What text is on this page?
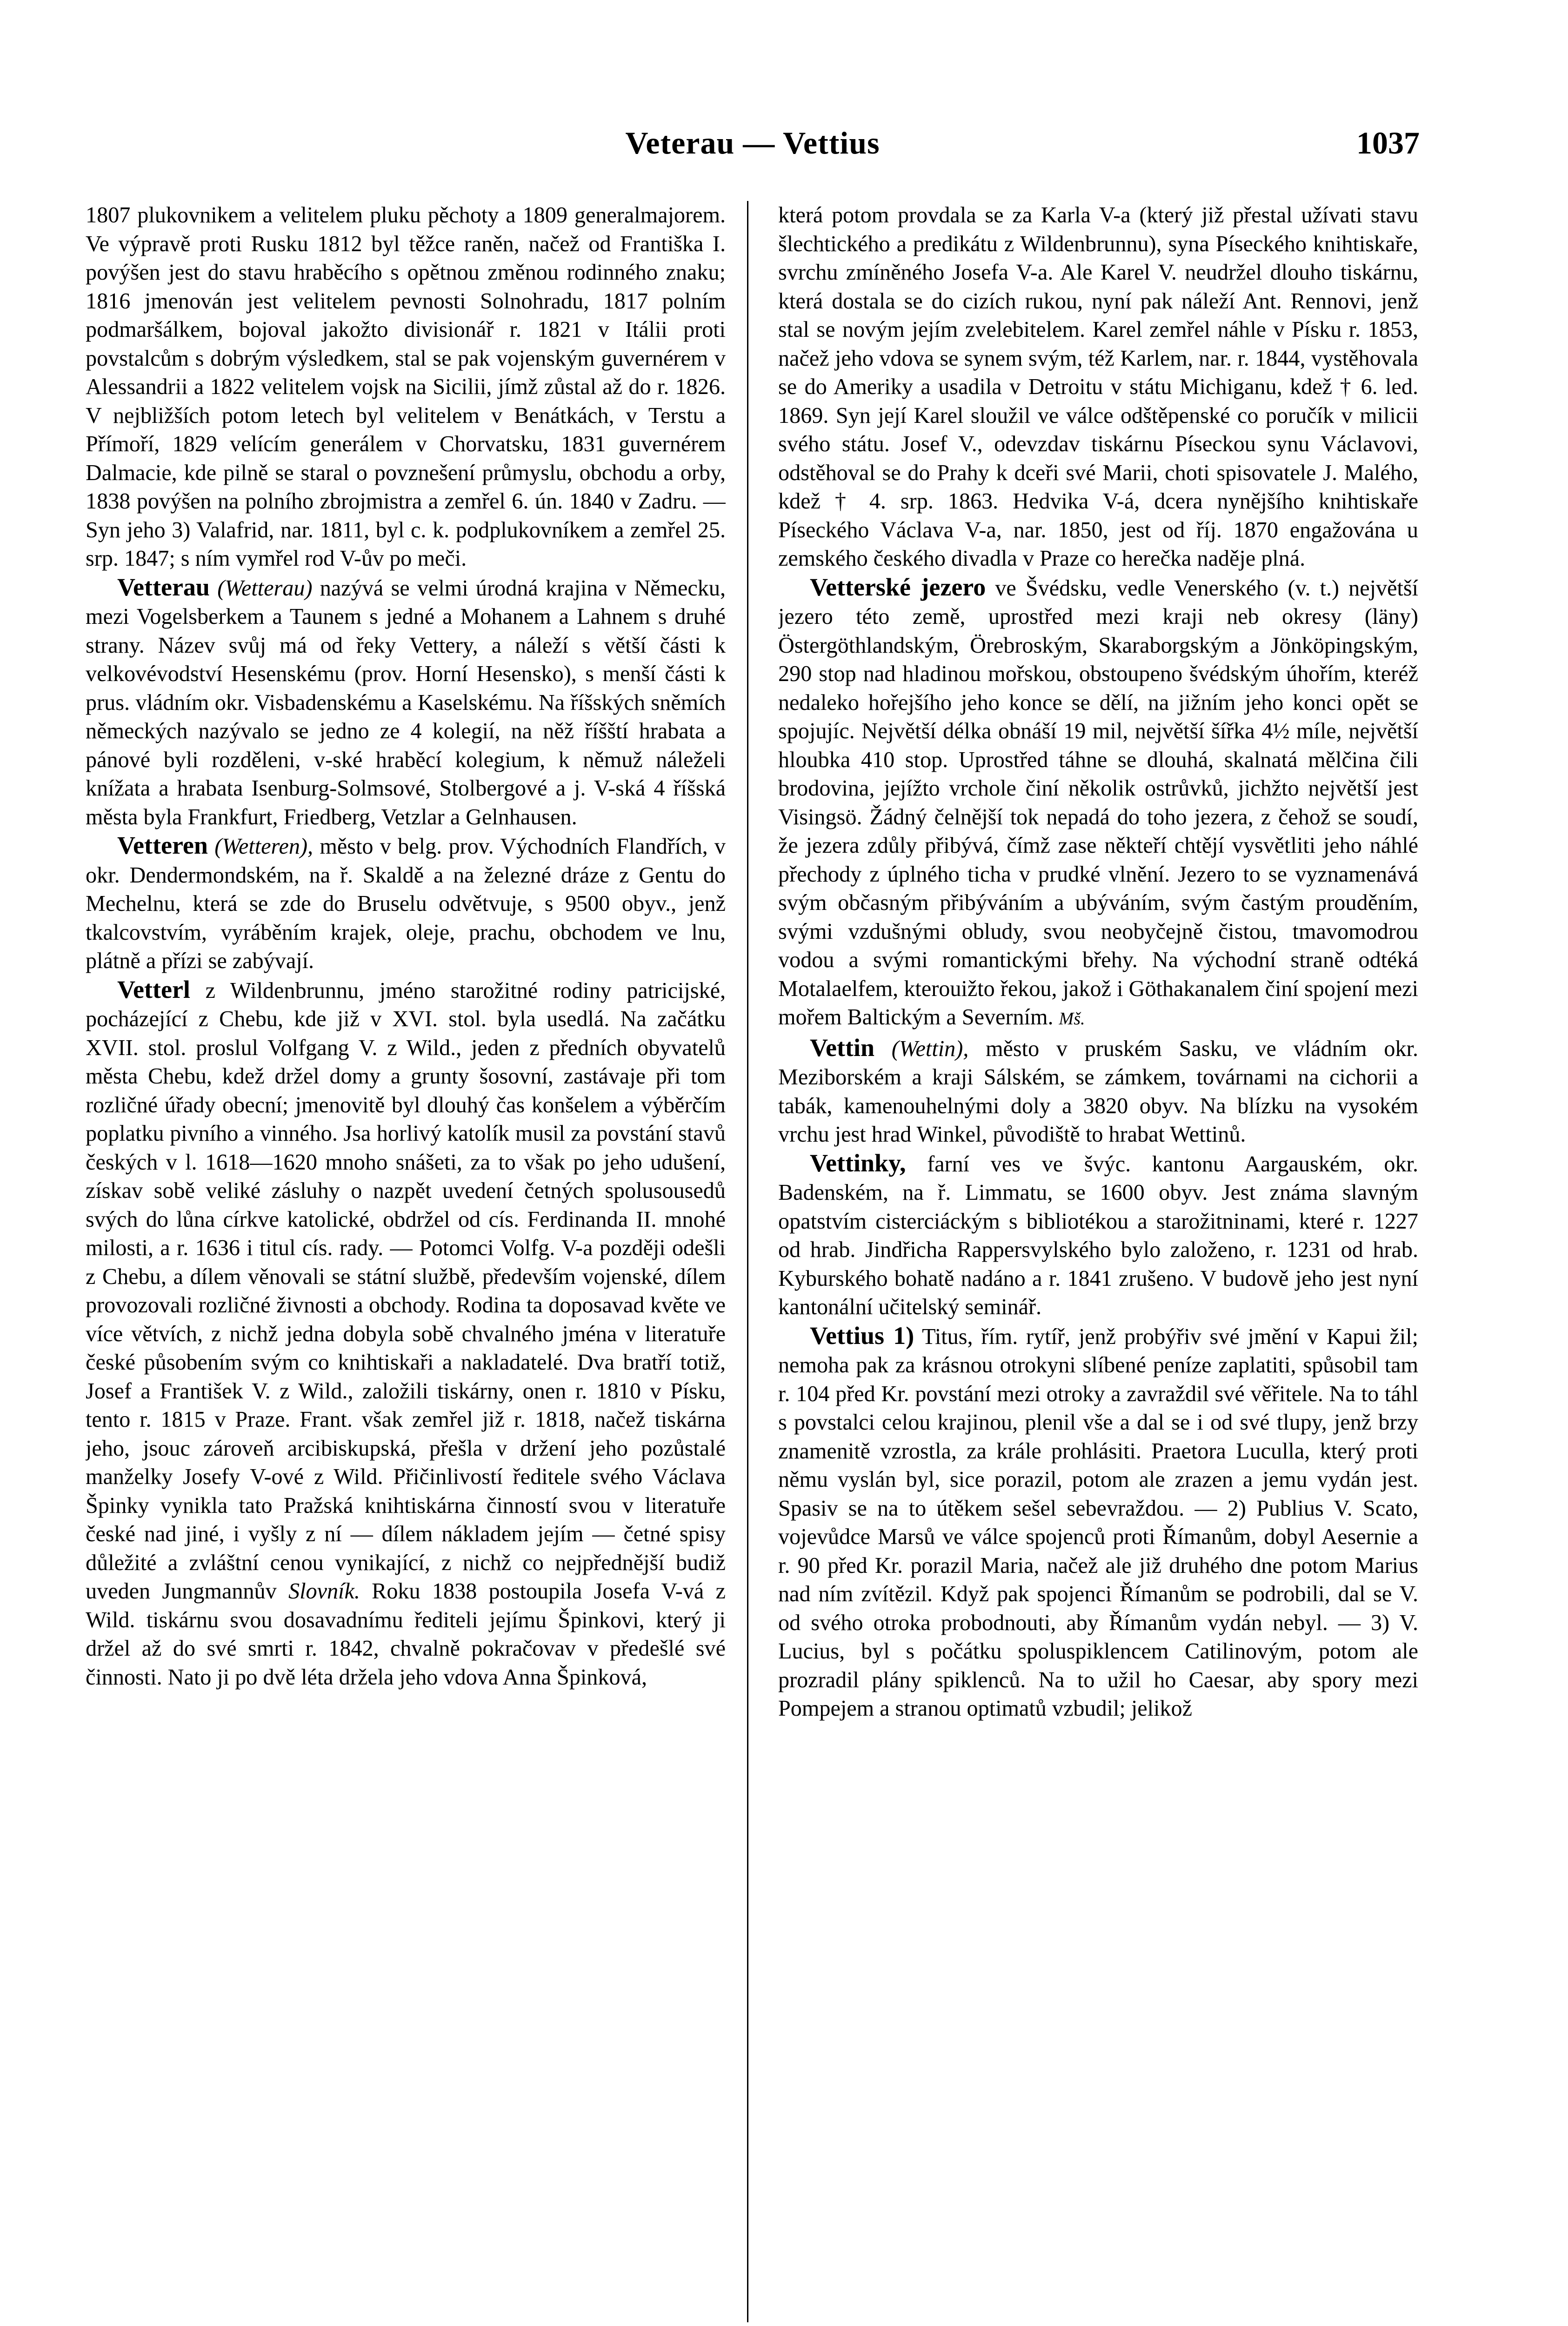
Veterau — Vettius	1037

1807 plukovnikem a velitelem pluku pěchoty a 1809 generalmajorem. Ve výpravě proti Rusku 1812 byl těžce raněn, načež od Františka I. povýšen jest do stavu hraběcího s opětnou změnou rodinného znaku; 1816 jmenován jest velitelem pevnosti Solnohradu, 1817 polním podmaršálkem, bojoval jakožto divisionář r. 1821 v Itálii proti povstalcům s dobrým výsledkem, stal se pak vojenským guvernérem v Alessandrii a 1822 velitelem vojsk na Sicilii, jímž zůstal až do r. 1826. V nejbližších potom letech byl velitelem v Benátkách, v Terstu a Přímoří, 1829 velícím generálem v Chorvatsku, 1831 guvernérem Dalmacie, kde pilně se staral o povznešení průmyslu, obchodu a orby, 1838 povýšen na polního zbrojmistra a zemřel 6. ún. 1840 v Zadru. — Syn jeho 3) Valafrid, nar. 1811, byl c. k. podplukovníkem a zemřel 25. srp. 1847; s ním vymřel rod V-ův po meči.

Vetterau (Wetterau) nazývá se velmi úrodná krajina v Německu, mezi Vogelsberkem a Taunem s jedné a Mohanem a Lahnem s druhé strany. Název svůj má od řeky Vettery, a náleží s větší části k velkovévodství Hesenskému (prov. Horní Hesensko), s menší části k prus. vládním okr. Visbadenskému a Kaselskému. Na říšských sněmích německých nazývalo se jedno ze 4 kolegií, na něž říšští hrabata a pánové byli rozděleni, v-ské hraběcí kolegium, k němuž náleželi knížata a hrabata Isenburg-Solmsové, Stolbergové a j. V-ská 4 říšská města byla Frankfurt, Friedberg, Vetzlar a Gelnhausen.

Vetteren (Wetteren), město v belg. prov. Východních Flandřích, v okr. Dendermondském, na ř. Skaldě a na železné dráze z Gentu do Mechelnu, která se zde do Bruselu odvětvuje, s 9500 obyv., jenž tkalcovstvím, vyráběním krajek, oleje, prachu, obchodem ve lnu, plátně a přízi se zabývají.

Vetterl z Wildenbrunnu, jméno starožitné rodiny patricijské, pocházející z Chebu, kde již v XVI. stol. byla usedlá. Na začátku XVII. stol. proslul Volfgang V. z Wild., jeden z předních obyvatelů města Chebu, kdež držel domy a grunty šosovní, zastávaje při tom rozličné úřady obecní; jmenovitě byl dlouhý čas konšelem a výběrčím poplatku pivního a vinného. Jsa horlivý katolík musil za povstání stavů českých v l. 1618—1620 mnoho snášeti, za to však po jeho udušení, získav sobě veliké zásluhy o nazpět uvedení četných spolusousedů svých do lůna církve katolické, obdržel od cís. Ferdinanda II. mnohé milosti, a r. 1636 i titul cís. rady. — Potomci Volfg. V-a později odešli z Chebu, a dílem věnovali se státní službě, především vojenské, dílem provozovali rozličné živnosti a obchody. Rodina ta doposavad květe ve více větvích, z nichž jedna dobyla sobě chvalného jména v literatuře české působením svým co knihtiskaři a nakladatelé. Dva bratří totiž, Josef a František V. z Wild., založili tiskárny, onen r. 1810 v Písku, tento r. 1815 v Praze. Frant. však zemřel již r. 1818, načež tiskárna jeho, jsouc zároveň arcibiskupská, přešla v držení jeho pozůstalé manželky Josefy V-ové z Wild. Přičinlivostí ředitele svého Václava Špinky vynikla tato Pražská knihtiskárna činností svou v literatuře české nad jiné, i vyšly z ní — dílem nákladem jejím — četné spisy důležité a zvláštní cenou vynikající, z nichž co nejpřednější budiž uveden Jungmannův Slovník. Roku 1838 postoupila Josefa V-vá z Wild. tiskárnu svou dosavadnímu řediteli jejímu Špinkovi, který ji držel až do své smrti r. 1842, chvalně pokračovav v předešlé své činnosti. Nato ji po dvě léta držela jeho vdova Anna Špinková,

která potom provdala se za Karla V-a (který již přestal užívati stavu šlechtického a predikátu z Wildenbrunnu), syna Píseckého knihtiskaře, svrchu zmíněného Josefa V-a. Ale Karel V. neudržel dlouho tiskárnu, která dostala se do cizích rukou, nyní pak náleží Ant. Rennovi, jenž stal se novým jejím zvelebitelem. Karel zemřel náhle v Písku r. 1853, načež jeho vdova se synem svým, též Karlem, nar. r. 1844, vystěhovala se do Ameriky a usadila v Detroitu v státu Michiganu, kdež † 6. led. 1869. Syn její Karel sloužil ve válce odštěpenské co poručík v milicii svého státu. Josef V., odevzdav tiskárnu Píseckou synu Václavovi, odstěhoval se do Prahy k dceři své Marii, choti spisovatele J. Malého, kdež † 4. srp. 1863. Hedvika V-á, dcera nynějšího knihtiskaře Píseckého Václava V-a, nar. 1850, jest od říj. 1870 engažována u zemského českého divadla v Praze co herečka naděje plná.

Vetterské jezero ve Švédsku, vedle Venerského (v. t.) největší jezero této země, uprostřed mezi kraji neb okresy (läny) Östergöthlandským, Örebroským, Skaraborgským a Jönköpingským, 290 stop nad hladinou mořskou, obstoupeno švédským úhořím, kteréž nedaleko hořejšího jeho konce se dělí, na jižním jeho konci opět se spojujíc. Největší délka obnáší 19 mil, největší šířka 4½ míle, největší hloubka 410 stop. Uprostřed táhne se dlouhá, skalnatá mělčina čili brodovina, jejížto vrchole činí několik ostrůvků, jichžto největší jest Visingsö. Žádný čelnější tok nepadá do toho jezera, z čehož se soudí, že jezera zdůly přibývá, čímž zase někteří chtějí vysvětliti jeho náhlé přechody z úplného ticha v prudké vlnění. Jezero to se vyznamenává svým občasným přibýváním a ubýváním, svým častým prouděním, svými vzdušnými obludy, svou neobyčejně čistou, tmavomodrou vodou a svými romantickými břehy. Na východní straně odtéká Motalaelfem, kterouižto řekou, jakož i Göthakanalem činí spojení mezi mořem Baltickým a Severním. Mš.

Vettin (Wettin), město v pruském Sasku, ve vládním okr. Meziborském a kraji Sálském, se zámkem, továrnami na cichorii a tabák, kamenouhelnými doly a 3820 obyv. Na blízku na vysokém vrchu jest hrad Winkel, původiště to hrabat Wettinů.

Vettinky, farní ves ve švýc. kantonu Aargauském, okr. Badenském, na ř. Limmatu, se 1600 obyv. Jest známa slavným opatstvím cisterciáckým s bibliotékou a starožitninami, které r. 1227 od hrab. Jindřicha Rappersvylského bylo založeno, r. 1231 od hrab. Kyburského bohatě nadáno a r. 1841 zrušeno. V budově jeho jest nyní kantonální učitelský seminář.

Vettius 1) Titus, řím. rytíř, jenž probýřiv své jmění v Kapui žil; nemoha pak za krásnou otrokyni slíbené peníze zaplatiti, spůsobil tam r. 104 před Kr. povstání mezi otroky a zavraždil své věřitele. Na to táhl s povstalci celou krajinou, plenil vše a dal se i od své tlupy, jenž brzy znamenitě vzrostla, za krále prohlásiti. Praetora Luculla, který proti němu vyslán byl, sice porazil, potom ale zrazen a jemu vydán jest. Spasiv se na to útěkem sešel sebevraždou. — 2) Publius V. Scato, vojevůdce Marsů ve válce spojenců proti Římanům, dobyl Aesernie a r. 90 před Kr. porazil Maria, načež ale již druhého dne potom Marius nad ním zvítězil. Když pak spojenci Římanům se podrobili, dal se V. od svého otroka probodnouti, aby Římanům vydán nebyl. — 3) V. Lucius, byl s počátku spoluspiklencem Catilinovým, potom ale prozradil plány spiklenců. Na to užil ho Caesar, aby spory mezi Pompejem a stranou optimatů vzbudil; jelikož
